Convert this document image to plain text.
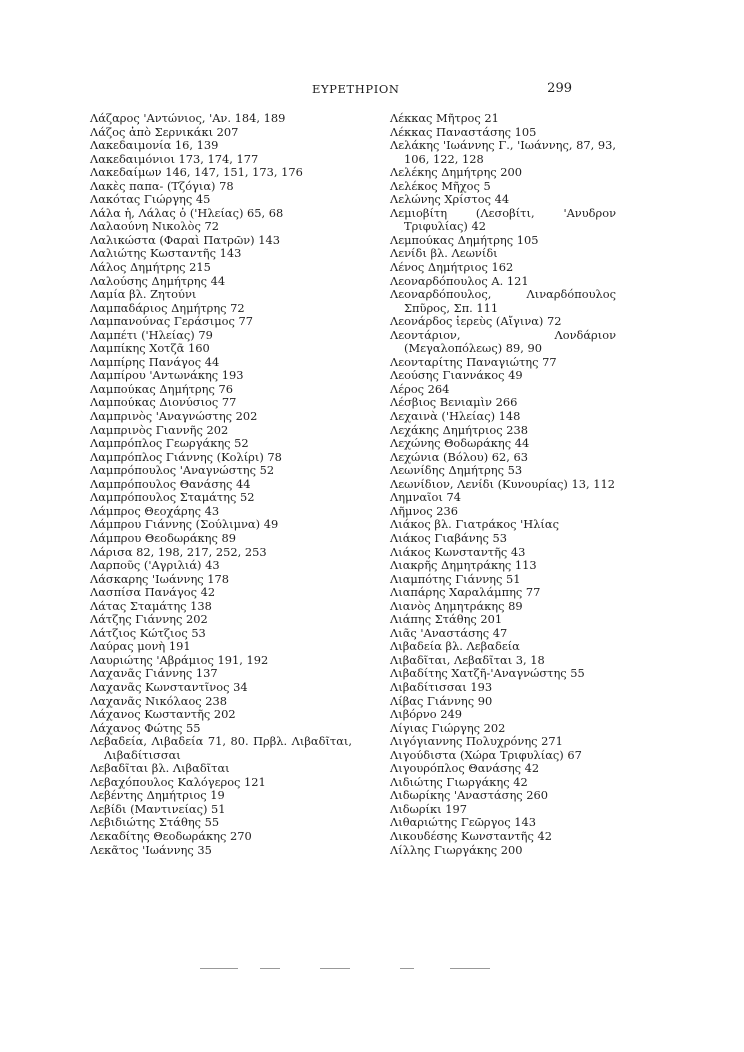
ΕΥΡΕΤΗΡΙΟΝ	299
Λάζαρος 'Αντώνιος, 'Αν. 184, 189
Λάζος ἀπὸ Σερνικάκι 207
Λακεδαιμονία 16, 139
Λακεδαιμόνιοι 173, 174, 177
Λακεδαίμων 146, 147, 151, 173, 176
Λακὲς παπα- (Τζόγια) 78
Λακότας Γιώργης 45
Λάλα ἡ, Λάλας ὁ ('Ηλείας) 65, 68
Λαλαούνη Νικολὸς 72
Λαλικώστα (Φαραὶ Πατρῶν) 143
Λαλιώτης Κωσταντῆς 143
Λάλος Δημήτρης 215
Λαλούσης Δημήτρης 44
Λαμία βλ. Ζητούνι
Λαμπαδάριος Δημήτρης 72
Λαμπανούνας Γεράσιμος 77
Λαμπέτι ('Ηλείας) 79
Λαμπίκης Χοτζᾶ 160
Λαμπίρης Πανάγος 44
Λαμπίρου 'Αντωνάκης 193
Λαμπούκας Δημήτρης 76
Λαμπούκας Διονύσιος 77
Λαμπρινὸς 'Αναγνώστης 202
Λαμπρινὸς Γιαννῆς 202
Λαμπρόπλος Γεωργάκης 52
Λαμπρόπλος Γιάννης (Κολίρι) 78
Λαμπρόπουλος 'Αναγνώστης 52
Λαμπρόπουλος Θανάσης 44
Λαμπρόπουλος Σταμάτης 52
Λάμπρος Θεοχάρης 43
Λάμπρου Γιάννης (Σούλιμνα) 49
Λάμπρου Θεοδωράκης 89
Λάρισα 82, 198, 217, 252, 253
Λαρποῦς ('Αγριλιά) 43
Λάσκαρης 'Ιωάννης 178
Λασπίσα Πανάγος 42
Λάτας Σταμάτης 138
Λάτζης Γιάννης 202
Λάτζιος Κώτζιος 53
Λαύρας μονὴ 191
Λαυριώτης 'Αβράμιος 191, 192
Λαχανᾶς Γιάννης 137
Λαχανᾶς Κωνσταντῖνος 34
Λαχανᾶς Νικόλαος 238
Λάχανος Κωσταντῆς 202
Λάχανος Φώτης 55
Λεβαδεία, Λιβαδεία 71, 80. Πρβλ. Λιβαδῖται, Λιβαδίτισσαι
Λεβαδῖται βλ. Λιβαδῖται
Λεβαχόπουλος Καλόγερος 121
Λεβέντης Δημήτριος 19
Λεβίδι (Μαντινείας) 51
Λεβιδιώτης Στάθης 55
Λεκαδίτης Θεοδωράκης 270
Λεκᾶτος 'Ιωάννης 35
Λέκκας Μῆτρος 21
Λέκκας Παναστάσης 105
Λελάκης 'Ιωάννης Γ., 'Ιωάννης, 87, 93, 106, 122, 128
Λελέκης Δημήτρης 200
Λελέκος Μῆχος 5
Λελώνης Χρίστος 44
Λεμιοβίτη (Λεσοβίτι, 'Ανυδρον Τριφυλίας) 42
Λεμπούκας Δημήτρης 105
Λενίδι βλ. Λεωνίδι
Λένος Δημήτριος 162
Λεοναρδόπουλος Α. 121
Λεοναρδόπουλος, Λιναρδόπουλος Σπῦρος, Σπ. 111
Λεονάρδος ἱερεὺς (Αἴγινα) 72
Λεοντάριον, Λονδάριον (Μεγαλοπόλεως) 89, 90
Λεονταρίτης Παναγιώτης 77
Λεούσης Γιαννάκος 49
Λέρος 264
Λέσβιος Βενιαμὶν 266
Λεχαινὰ ('Ηλείας) 148
Λεχάκης Δημήτριος 238
Λεχώνης Θοδωράκης 44
Λεχώνια (Βόλου) 62, 63
Λεωνίδης Δημήτρης 53
Λεωνίδιον, Λενίδι (Κυνουρίας) 13, 112
Λημναῖοι 74
Λῆμνος 236
Λιάκος βλ. Γιατράκος 'Ηλίας
Λιάκος Γιαβάνης 53
Λιάκος Κωνσταντῆς 43
Λιακρῆς Δημητράκης 113
Λιαμπότης Γιάννης 51
Λιαπάρης Χαραλάμπης 77
Λιανὸς Δημητράκης 89
Λιάπης Στάθης 201
Λιᾶς 'Αναστάσης 47
Λιβαδεία βλ. Λεβαδεία
Λιβαδῖται, Λεβαδῖται 3, 18
Λιβαδίτης Χατζῆ-'Αναγνώστης 55
Λιβαδίτισσαι 193
Λίβας Γιάννης 90
Λιβόρνο 249
Λίγιας Γιώργης 202
Λιγόγιαννης Πολυχρόνης 271
Λιγούδιστα (Χώρα Τριφυλίας) 67
Λιγουρόπλος Θανάσης 42
Λιδιώτης Γιωργάκης 42
Λιδωρίκης 'Αναστάσης 260
Λιδωρίκι 197
Λιθαριώτης Γεῶργος 143
Λικουδέσης Κωνσταντῆς 42
Λίλλης Γιωργάκης 200
